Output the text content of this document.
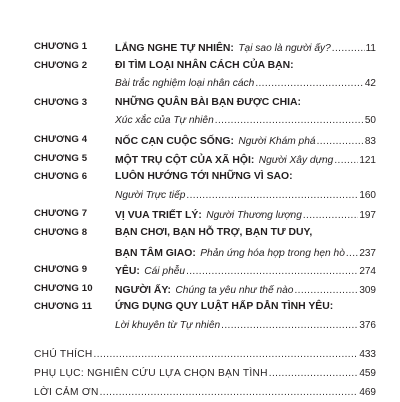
CHƯƠNG 1	LẮNG NGHE TỰ NHIÊN:
Tại sao là người ấy? .....	11
CHƯƠNG 2	ĐI TÌM LOẠI NHÂN CÁCH CỦA BẠN:
Bài trắc nghiệm loại nhân cách .....	42
CHƯƠNG 3	NHỮNG QUÂN BÀI BẠN ĐƯỢC CHIA:
Xúc xắc của Tự nhiên .....	50
CHƯƠNG 4	NỐC CẠN CUỘC SỐNG:
Người Khám phá .....	83
CHƯƠNG 5	MỘT TRỤ CỘT CỦA XÃ HỘI:
Người Xây dựng .....	121
CHƯƠNG 6	LUÔN HƯỚNG TỚI NHỮNG VÌ SAO:
Người Trực tiếp .....	160
CHƯƠNG 7	VỊ VUA TRIẾT LÝ:
Người Thương lượng .....	197
CHƯƠNG 8	BẠN CHƠI, BẠN HỖ TRỢ, BẠN TƯ DUY,
BẠN TÂM GIAO:
Phản ứng hóa hợp trong hẹn hò ..... 237
CHƯƠNG 9	YÊU:
Cái phễu .....	274
CHƯƠNG 10	NGƯỜI ẤY:
Chúng ta yêu như thế nào .....	309
CHƯƠNG 11	ỨNG DỤNG QUY LUẬT HẤP DẪN TÌNH YÊU:
Lời khuyên từ Tự nhiên .....	376
CHÚ THÍCH .....	433
PHỤ LỤC: NGHIÊN CỨU LỰA CHỌN BẠN TÌNH .....	459
LỜI CẢM ƠN .....	469
